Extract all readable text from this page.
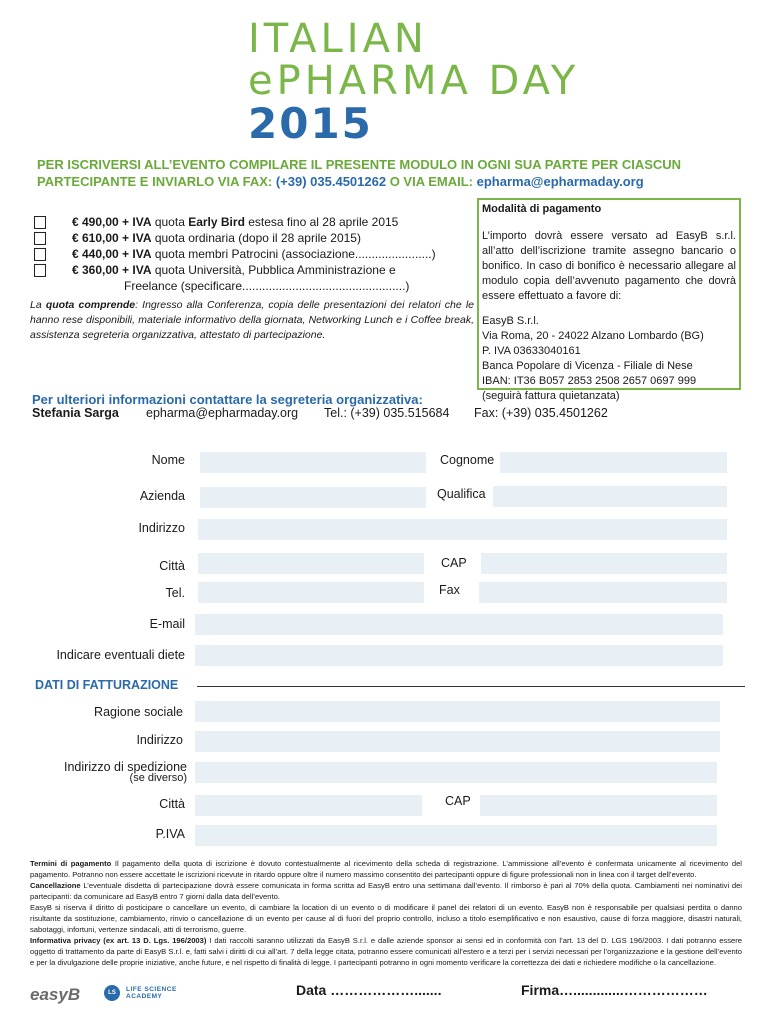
ITALIAN
ePHARMA DAY
2015
PER ISCRIVERSI ALL’EVENTO COMPILARE IL PRESENTE MODULO IN OGNI SUA PARTE PER CIASCUN PARTECIPANTE E INVIARLO VIA FAX: (+39) 035.4501262 O VIA EMAIL: epharma@epharmaday.org
€ 490,00 + IVA quota Early Bird estesa fino al 28 aprile 2015
€ 610,00 + IVA quota ordinaria (dopo il 28 aprile 2015)
€ 440,00 + IVA quota membri Patrocini (associazione.......................)
€ 360,00 + IVA quota Università, Pubblica Amministrazione e

Freelance (specificare.................................................)
La quota comprende: Ingresso alla Conferenza, copia delle presentazioni dei relatori che le hanno rese disponibili, materiale informativo della giornata, Networking Lunch e i Coffee break, assistenza segreteria organizzativa, attestato di partecipazione.
Modalità di pagamento
L’importo dovrà essere versato ad EasyB s.r.l. all’atto dell’iscrizione tramite assegno bancario o bonifico. In caso di bonifico è necessario allegare al modulo copia dell’avvenuto pagamento che dovrà essere effettuato a favore di:
EasyB S.r.l.
Via Roma, 20 - 24022 Alzano Lombardo (BG)
P. IVA 03633040161
Banca Popolare di Vicenza - Filiale di Nese
IBAN: IT36 B057 2853 2508 2657 0697 999
(seguirà fattura quietanzata)
Per ulteriori informazioni contattare la segreteria organizzativa:
Stefania Sarga epharma@epharmaday.org Tel.: (+39) 035.515684 Fax: (+39) 035.4501262
Nome	Cognome
Azienda	Qualifica
Indirizzo
Città	CAP
Tel.	Fax
E-mail
Indicare eventuali diete
DATI DI FATTURAZIONE
Ragione sociale
Indirizzo
Indirizzo di spedizione
(se diverso)
Città	CAP
P.IVA
Termini di pagamento Il pagamento della quota di iscrizione è dovuto contestualmente al ricevimento della scheda di registrazione. L’ammissione all’evento è confermata unicamente al ricevimento del pagamento. Potranno non essere accettate le iscrizioni ricevute in ritardo oppure oltre il numero massimo consentito dei partecipanti oppure di figure professionali non in linea con il target dell’evento.
Cancellazione L’eventuale disdetta di partecipazione dovrà essere comunicata in forma scritta ad EasyB entro una settimana dall’evento. Il rimborso è pari al 70% della quota. Cambiamenti nei nominativi dei partecipanti: da comunicare ad EasyB entro 7 giorni dalla data dell’evento.
EasyB si riserva il diritto di posticipare o cancellare un evento, di cambiare la location di un evento o di modificare il panel dei relatori di un evento. EasyB non è responsabile per qualsiasi perdita o danno risultante da sostituzione, cambiamento, rinvio o cancellazione di un evento per cause al di fuori del proprio controllo, incluso a titolo esemplificativo e non esaustivo, cause di forza maggiore, disastri naturali, sabotaggi, infortuni, vertenze sindacali, atti di terrorismo, guerre.
Informativa privacy (ex art. 13 D. Lgs. 196/2003) I dati raccolti saranno utilizzati da EasyB S.r.l. e dalle aziende sponsor ai sensi ed in conformità con l’art. 13 del D. LGS 196/2003. I dati potranno essere oggetto di trattamento da parte di EasyB S.r.l. e, fatti salvi i diritti di cui all’art. 7 della legge citata, potranno essere comunicati all’estero e a terzi per i servizi necessari per l’organizzazione e la gestione dell’evento e per la divulgazione delle proprie iniziative, anche future, e nel rispetto di finalità di legge. I partecipanti potranno in ogni momento verificare la correttezza dei dati e richiedere modifiche o la cancellazione.
easyB	LS	LIFE SCIENCE
ACADEMY	Data ……………….......	Firma….............………………
